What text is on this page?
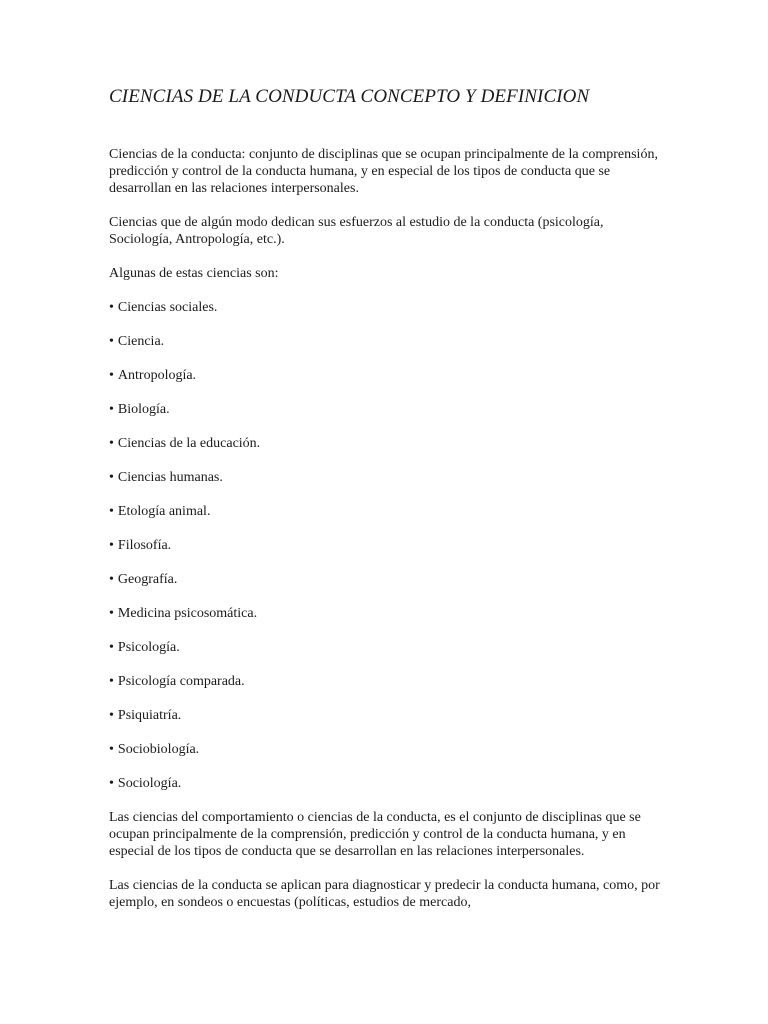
CIENCIAS DE LA CONDUCTA CONCEPTO Y DEFINICION

Ciencias de la conducta: conjunto de disciplinas que se ocupan principalmente de la comprensión, predicción y control de la conducta humana, y en especial de los tipos de conducta que se desarrollan en las relaciones interpersonales.

Ciencias que de algún modo dedican sus esfuerzos al estudio de la conducta (psicología, Sociología, Antropología, etc.).

Algunas de estas ciencias son:

• Ciencias sociales.
• Ciencia.
• Antropología.
• Biología.
• Ciencias de la educación.
• Ciencias humanas.
• Etología animal.
• Filosofía.
• Geografía.
• Medicina psicosomática.
• Psicología.
• Psicología comparada.
• Psiquiatría.
• Sociobiología.
• Sociología.

Las ciencias del comportamiento o ciencias de la conducta, es el conjunto de disciplinas que se ocupan principalmente de la comprensión, predicción y control de la conducta humana, y en especial de los tipos de conducta que se desarrollan en las relaciones interpersonales.

Las ciencias de la conducta se aplican para diagnosticar y predecir la conducta humana, como, por ejemplo, en sondeos o encuestas (políticas, estudios de mercado,
